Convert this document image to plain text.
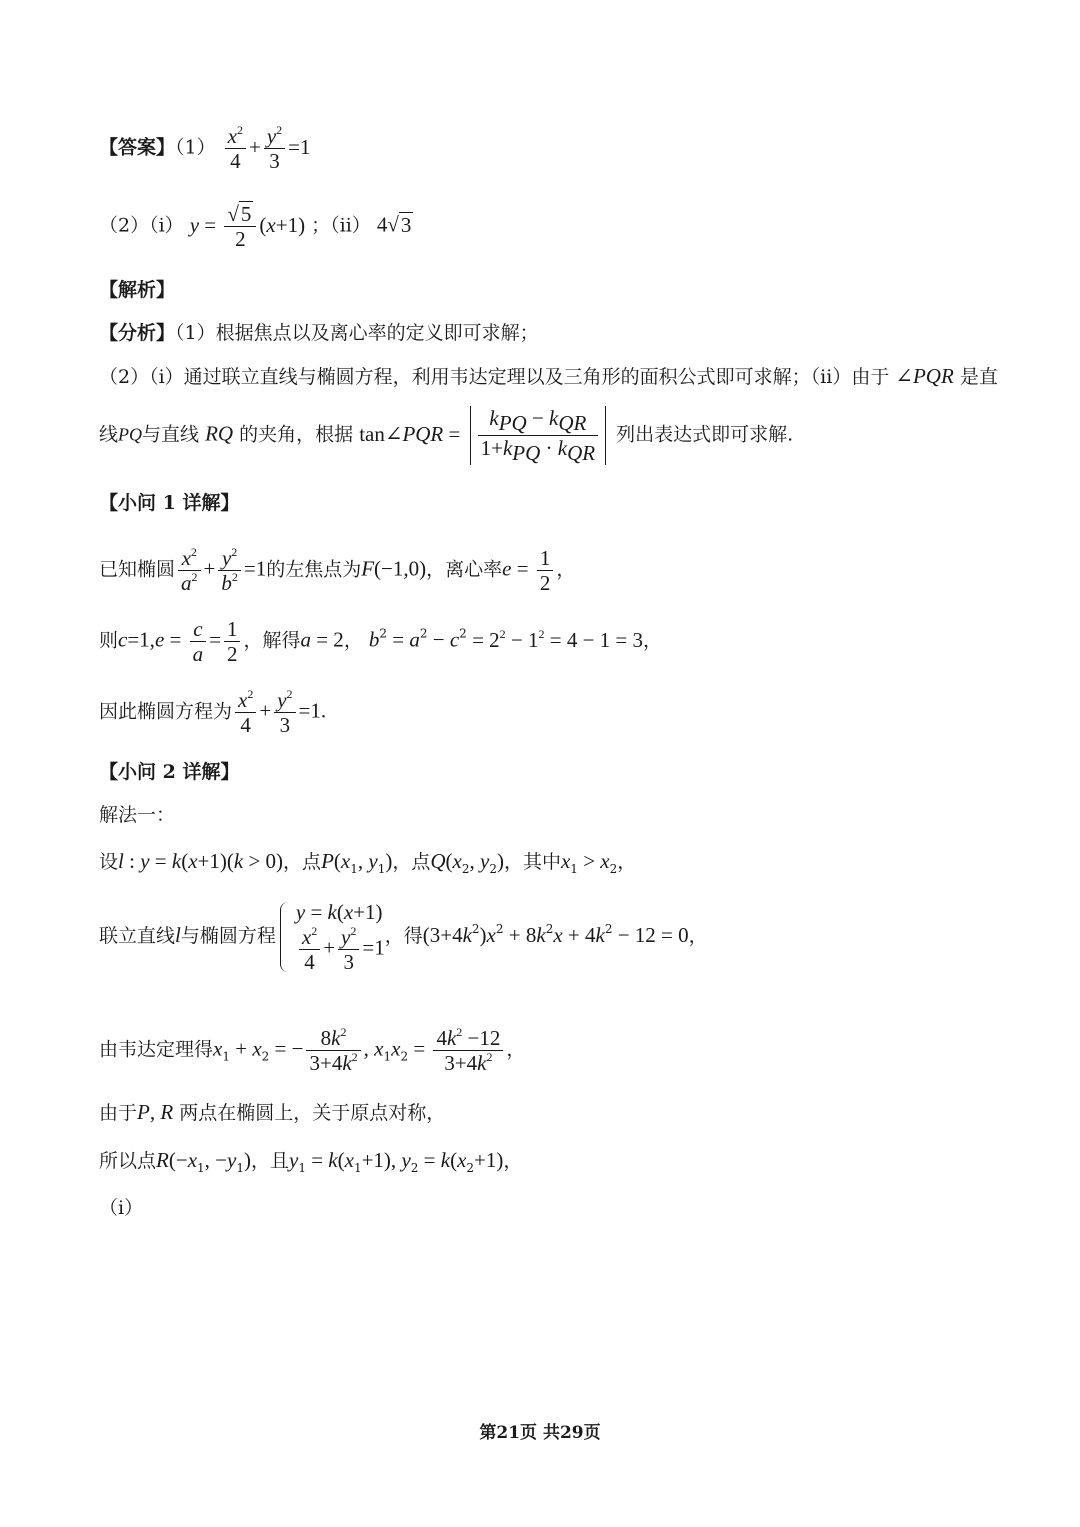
【答案】$(1) \frac{x^2}{4} + \frac{y^2}{3} =1$
（2）（i） $y = \frac{√5}{2} (x+1)$ ；（ii） 4√3
【解析】
【分析】（1）根据焦点以及离心率的定义即可求解；
（2）（i）通过联立直线与椭圆方程，利用韦达定理以及三角形的面积公式即可求解；（ii）由于 ∠PQR 是直
线PQ与直线 RQ 的夹角，根据 tan∠PQR = $\frac{k_{PQ} - k_{QR}}{1+k_{PQ} \cdot k_{QR}}$ 列出表达式即可求解.
【小问 1 详解】
已知椭圆 $\frac{x^2}{a^2} + \frac{y^2}{b^2} =1$的左焦点为F(−1,0)，离心率$e = \frac{1}{2}$ ，
则$c=1,e = \frac{c}{a} = \frac{1}{2}$ ，解得a = 2， $b^2 = a^2 - c^2 = 2^2 - 1^2 = 4 - 1 = 3$，
因此椭圆方程为 $\frac{x^2}{4} + \frac{y^2}{3} =1$.
【小问 2 详解】
解法一：
设l : y = k(x+1)(k > 0)，点$P(x_1$, $y_1$)，点$Q(x_2$, $y_2$)，其中$x_1 > x_2$，
联立直线l与椭圆方程
y = k(x+1)
$\frac{x^2}{4} + \frac{y^2}{3} =1$ ，得$(3+4k^2)x^2 + 8k^2x + 4k^2 - 12 = 0$，
由韦达定理得$x_1 + x_2$ = − $\frac{8k^2}{3+4k^2}$ , $x_1x_2 = \frac{4k^2 -12}{3+4k^2}$ ，
由于P, R 两点在椭圆上，关于原点对称，
所以点$R(-x_1$, $-y_1$)，且$y_1 = k(x_1+1)$, $y_2 = k(x_2+1)$，
（i）
第21页 共29页
